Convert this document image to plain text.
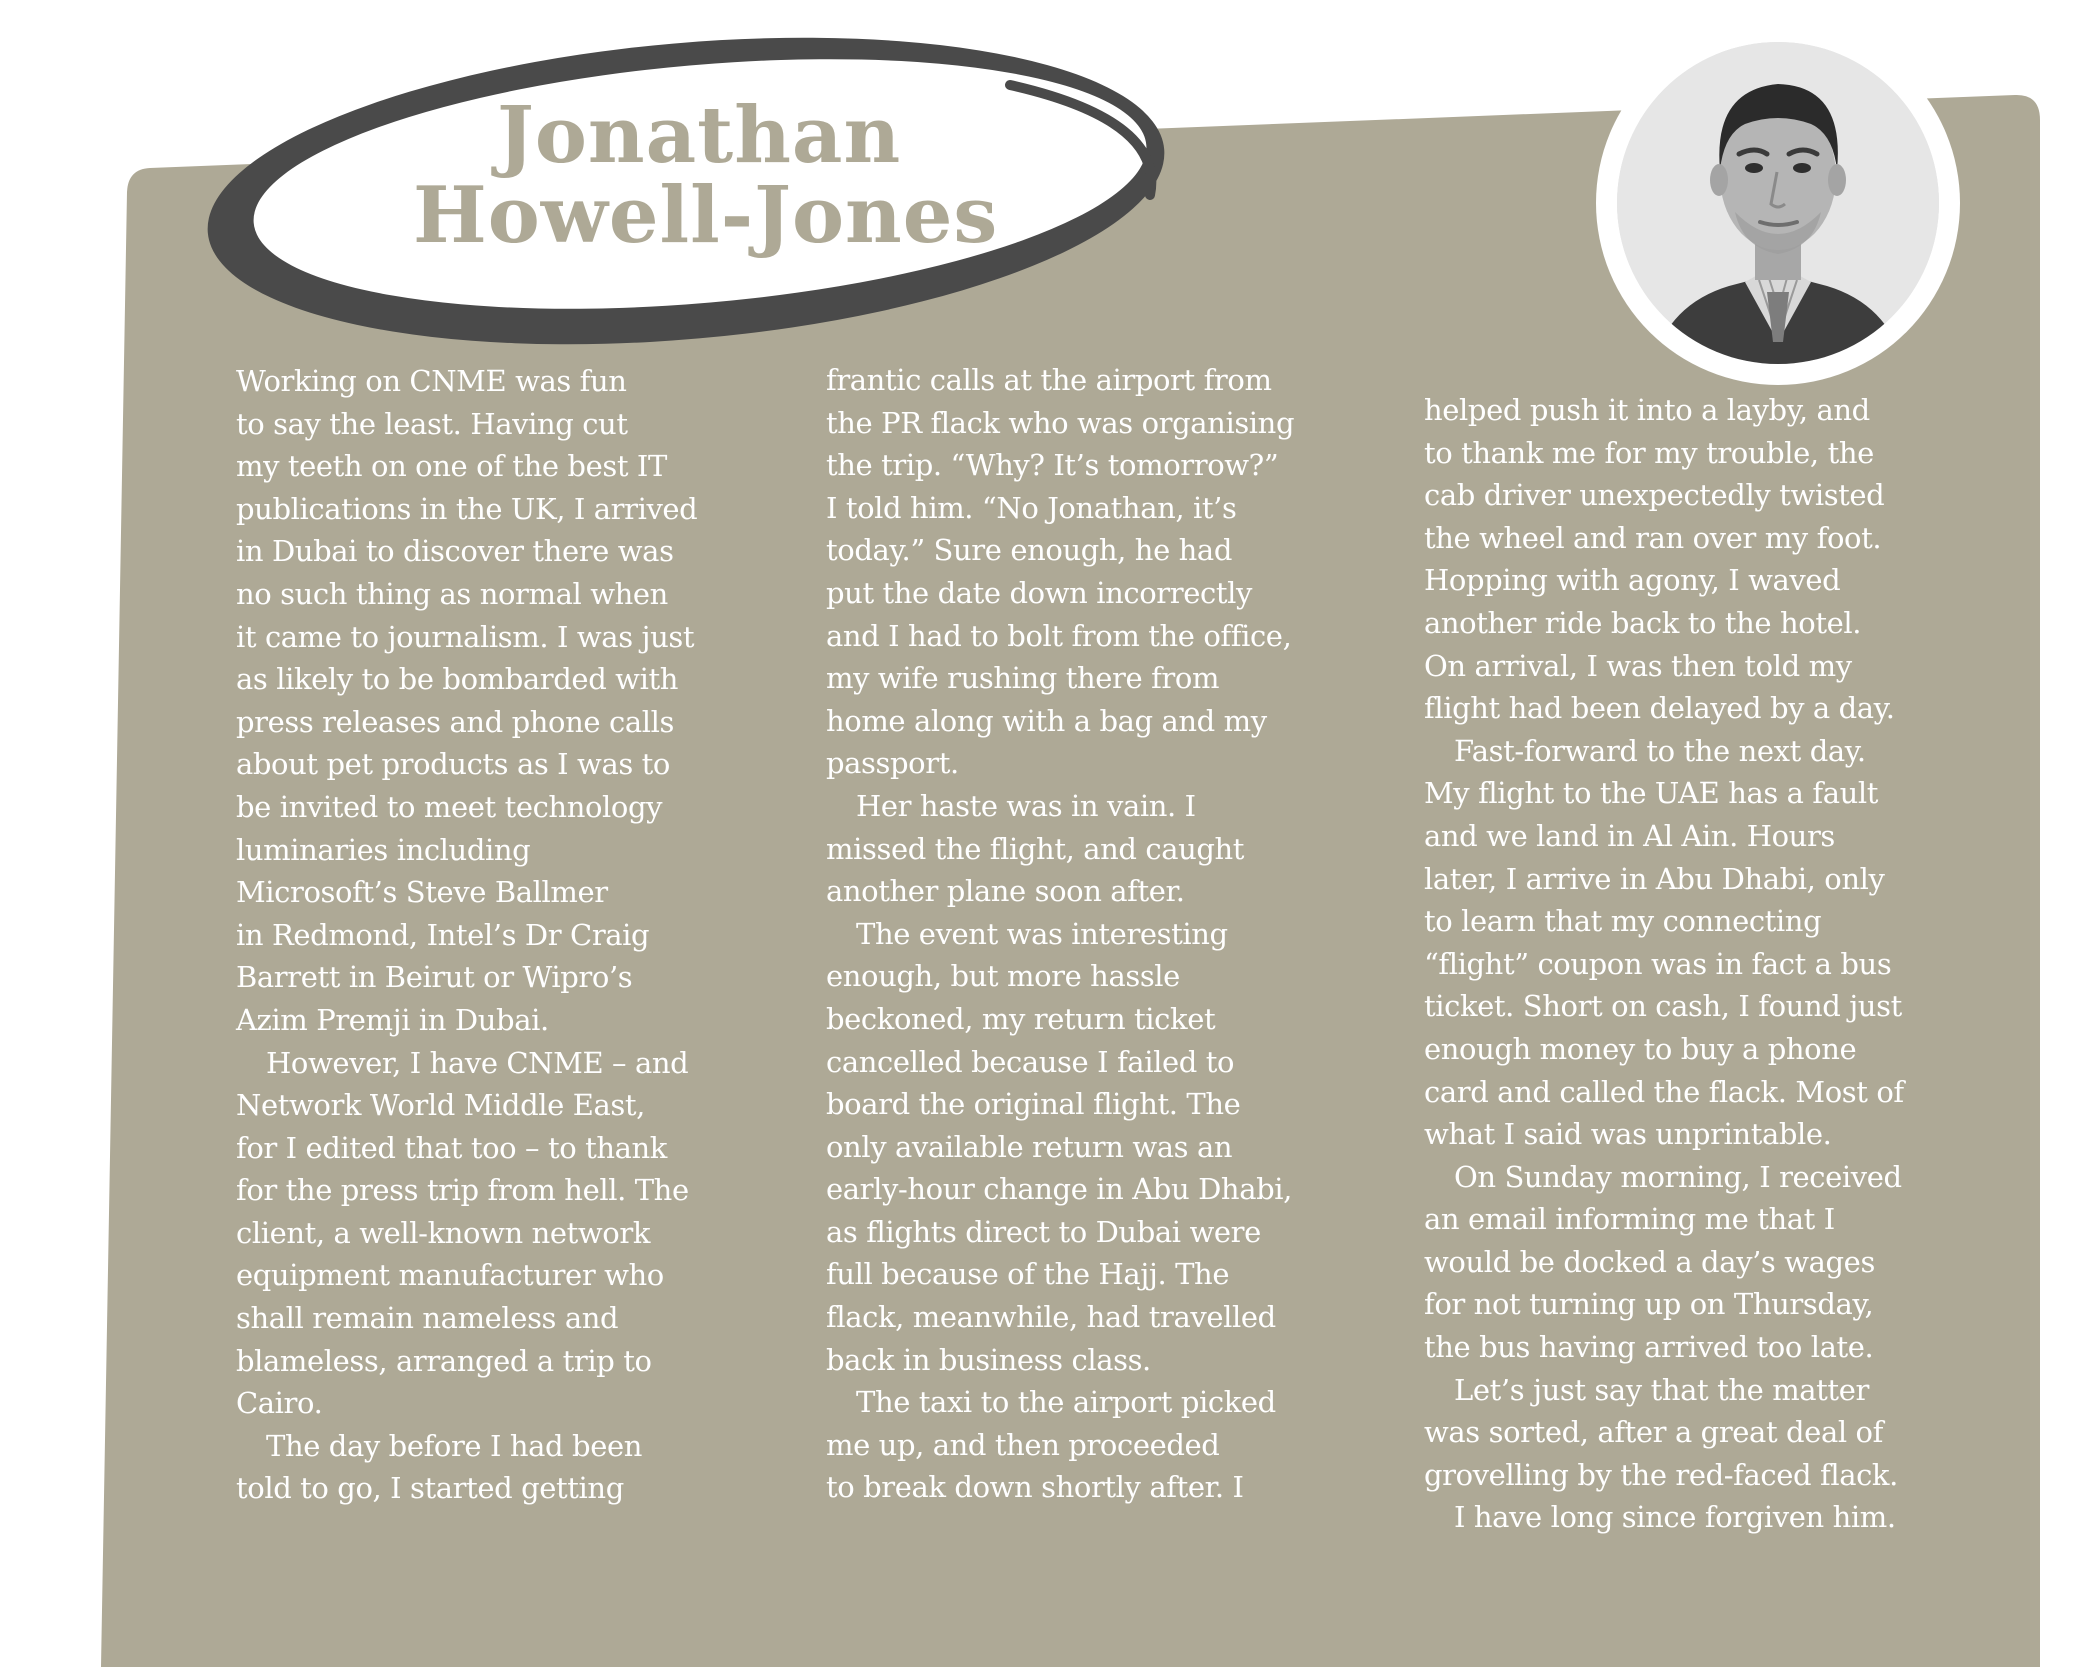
Jonathan
Howell-Jones

Working on CNME was fun
to say the least. Having cut
my teeth on one of the best IT
publications in the UK, I arrived
in Dubai to discover there was
no such thing as normal when
it came to journalism. I was just
as likely to be bombarded with
press releases and phone calls
about pet products as I was to
be invited to meet technology
luminaries including
Microsoft’s Steve Ballmer
in Redmond, Intel’s Dr Craig
Barrett in Beirut or Wipro’s
Azim Premji in Dubai.

However, I have CNME – and
Network World Middle East,
for I edited that too – to thank
for the press trip from hell. The
client, a well-known network
equipment manufacturer who
shall remain nameless and
blameless, arranged a trip to
Cairo.

The day before I had been
told to go, I started getting

frantic calls at the airport from
the PR flack who was organising
the trip. “Why? It’s tomorrow?”
I told him. “No Jonathan, it’s
today.” Sure enough, he had
put the date down incorrectly
and I had to bolt from the office,
my wife rushing there from
home along with a bag and my
passport.

Her haste was in vain. I
missed the flight, and caught
another plane soon after.

The event was interesting
enough, but more hassle
beckoned, my return ticket
cancelled because I failed to
board the original flight. The
only available return was an
early-hour change in Abu Dhabi,
as flights direct to Dubai were
full because of the Hajj. The
flack, meanwhile, had travelled
back in business class.

The taxi to the airport picked
me up, and then proceeded
to break down shortly after. I

helped push it into a layby, and
to thank me for my trouble, the
cab driver unexpectedly twisted
the wheel and ran over my foot.
Hopping with agony, I waved
another ride back to the hotel.
On arrival, I was then told my
flight had been delayed by a day.

Fast-forward to the next day.
My flight to the UAE has a fault
and we land in Al Ain. Hours
later, I arrive in Abu Dhabi, only
to learn that my connecting
“flight” coupon was in fact a bus
ticket. Short on cash, I found just
enough money to buy a phone
card and called the flack. Most of
what I said was unprintable.

On Sunday morning, I received
an email informing me that I
would be docked a day’s wages
for not turning up on Thursday,
the bus having arrived too late.

Let’s just say that the matter
was sorted, after a great deal of
grovelling by the red-faced flack.

I have long since forgiven him.
